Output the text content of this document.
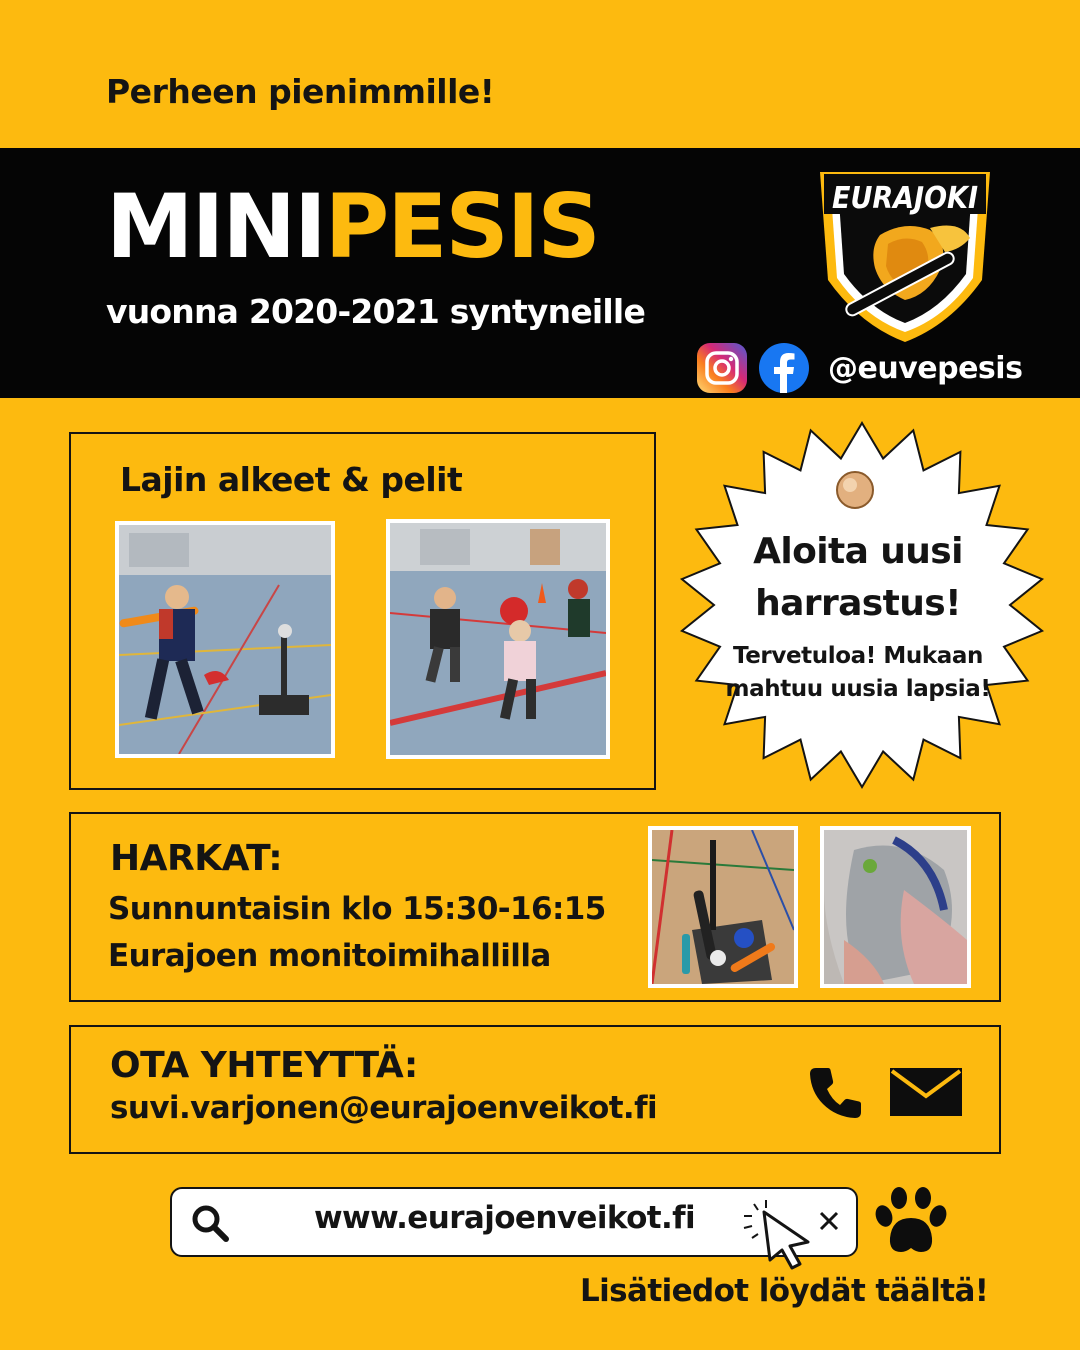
Perheen pienimmille!
MINIPESIS
vuonna 2020-2021 syntyneille
EURAJOKI
@euvepesis
Lajin alkeet & pelit
Aloita uusi
harrastus!
Tervetuloa! Mukaan
mahtuu uusia lapsia!
HARKAT:
Sunnuntaisin klo 15:30-16:15
Eurajoen monitoimihallilla
OTA YHTEYTTÄ:
suvi.varjonen@eurajoenveikot.fi
www.eurajoenveikot.fi
Lisätiedot löydät täältä!
